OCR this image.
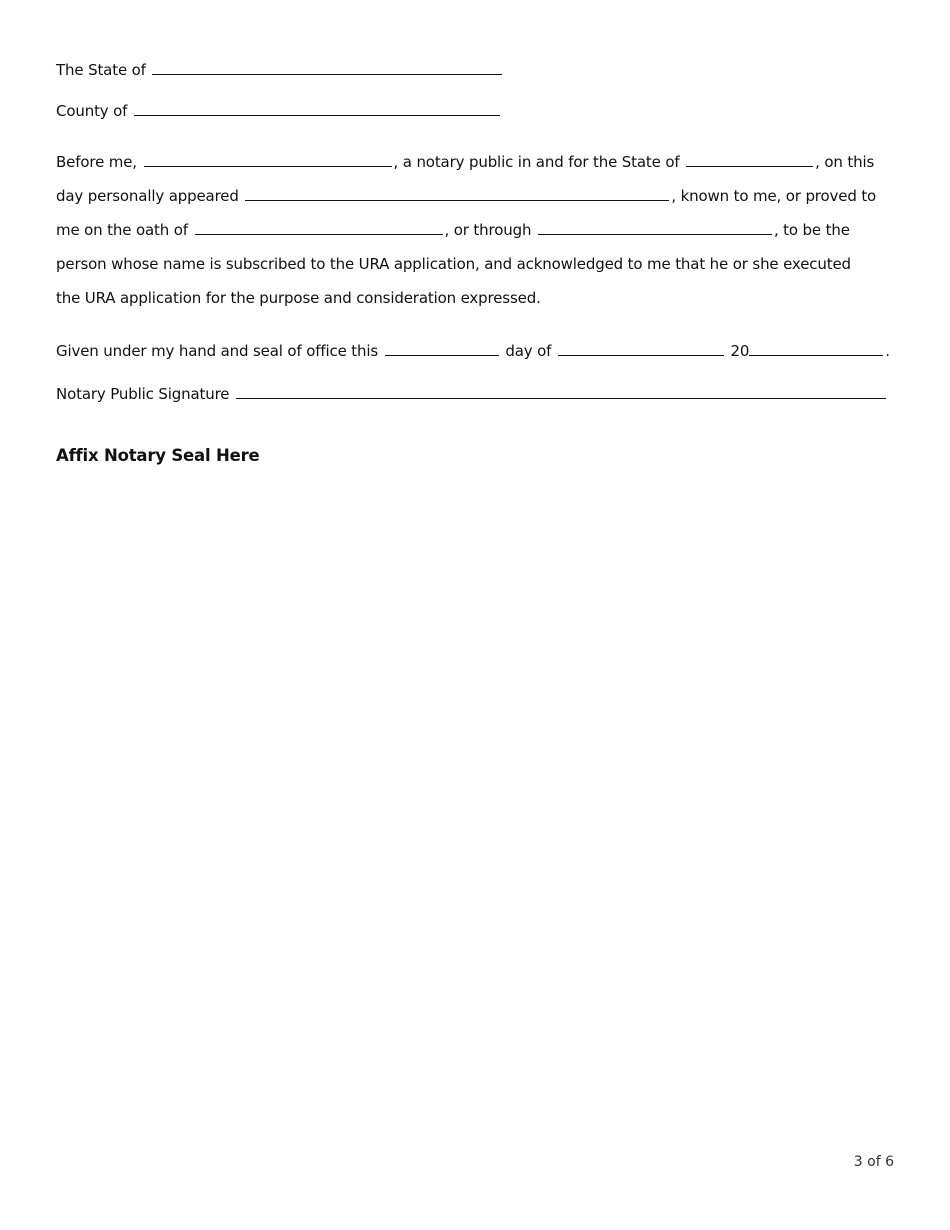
The State of
County of
Before me,	, a notary public in and for the State of	, on this
day personally appeared	, known to me, or proved to
me on the oath of	, or through	, to be the
person whose name is subscribed to the URA application, and acknowledged to me that he or she executed
the URA application for the purpose and consideration expressed.
Given under my hand and seal of office this	day of	20	.
Notary Public Signature
Affix Notary Seal Here
3 of 6
